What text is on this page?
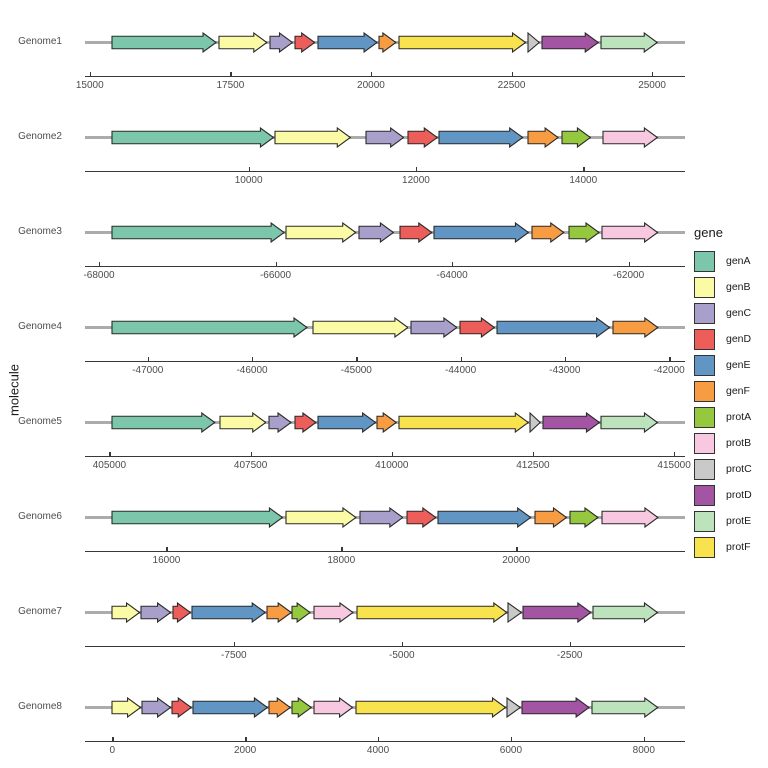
molecule
Genome1
15000	17500	20000	22500	25000
Genome2
10000	12000	14000
Genome3
-68000	-66000	-64000	-62000
Genome4
-47000	-46000	-45000	-44000	-43000	-42000
Genome5
405000	407500	410000	412500	415000
Genome6
16000	18000	20000
Genome7
-7500	-5000	-2500
Genome8
0	2000	4000	6000	8000
gene
genA
genB
genC
genD
genE
genF
protA
protB
protC
protD
protE
protF
